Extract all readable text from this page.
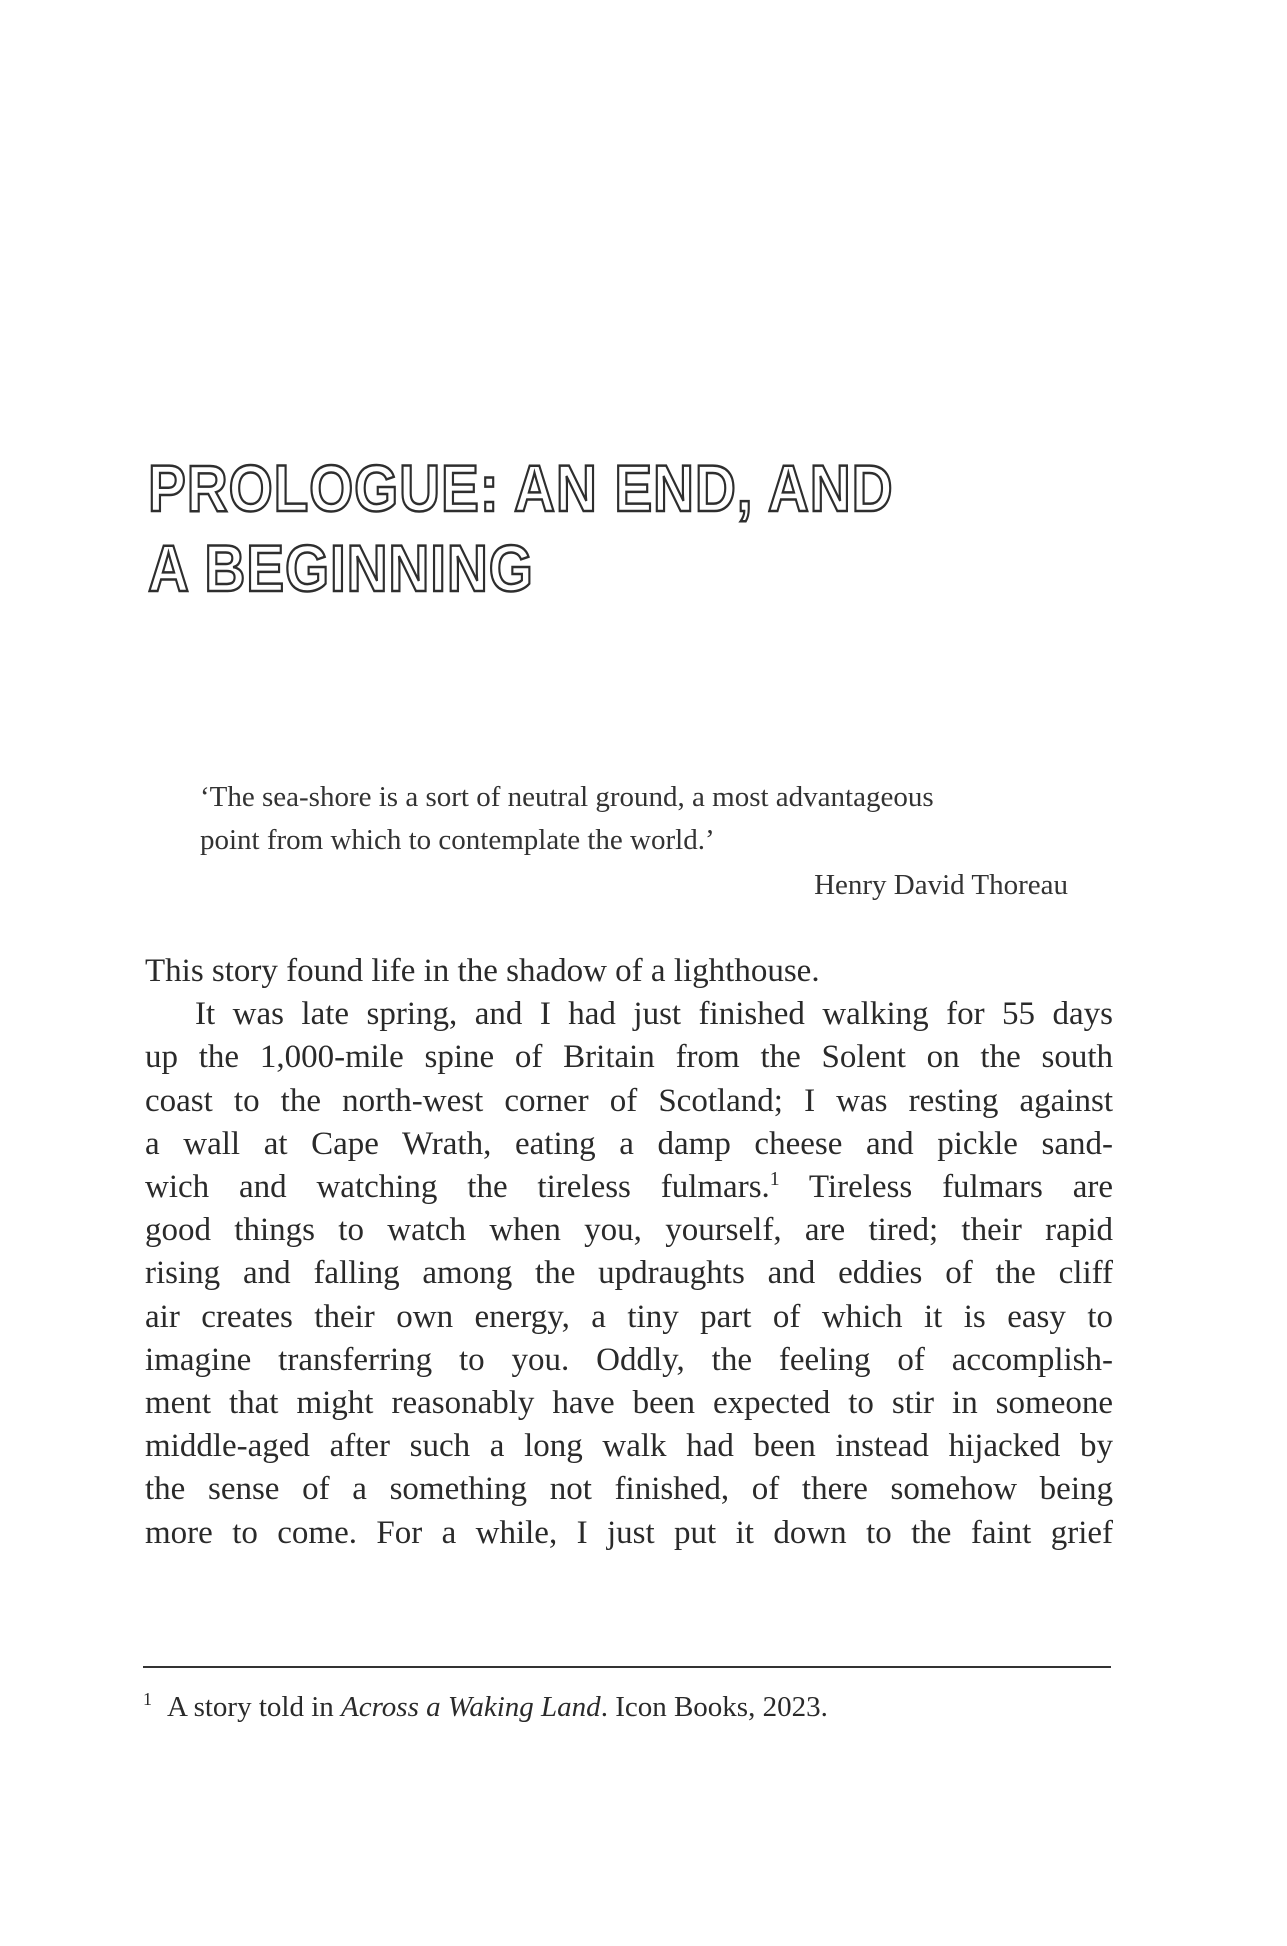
PROLOGUE: AN END, AND
A BEGINNING
‘The sea-shore is a sort of neutral ground, a most advantageous
point from which to contemplate the world.’
Henry David Thoreau
This story found life in the shadow of a lighthouse.
It was late spring, and I had just finished walking for 55 days
up the 1,000-mile spine of Britain from the Solent on the south
coast to the north-west corner of Scotland; I was resting against
a wall at Cape Wrath, eating a damp cheese and pickle sand-
wich and watching the tireless fulmars.$^1$ Tireless fulmars are
good things to watch when you, yourself, are tired; their rapid
rising and falling among the updraughts and eddies of the cliff
air creates their own energy, a tiny part of which it is easy to
imagine transferring to you. Oddly, the feeling of accomplish-
ment that might reasonably have been expected to stir in someone
middle-aged after such a long walk had been instead hijacked by
the sense of a something not finished, of there somehow being
more to come. For a while, I just put it down to the faint grief
1 A story told in Across a Waking Land. Icon Books, 2023.
